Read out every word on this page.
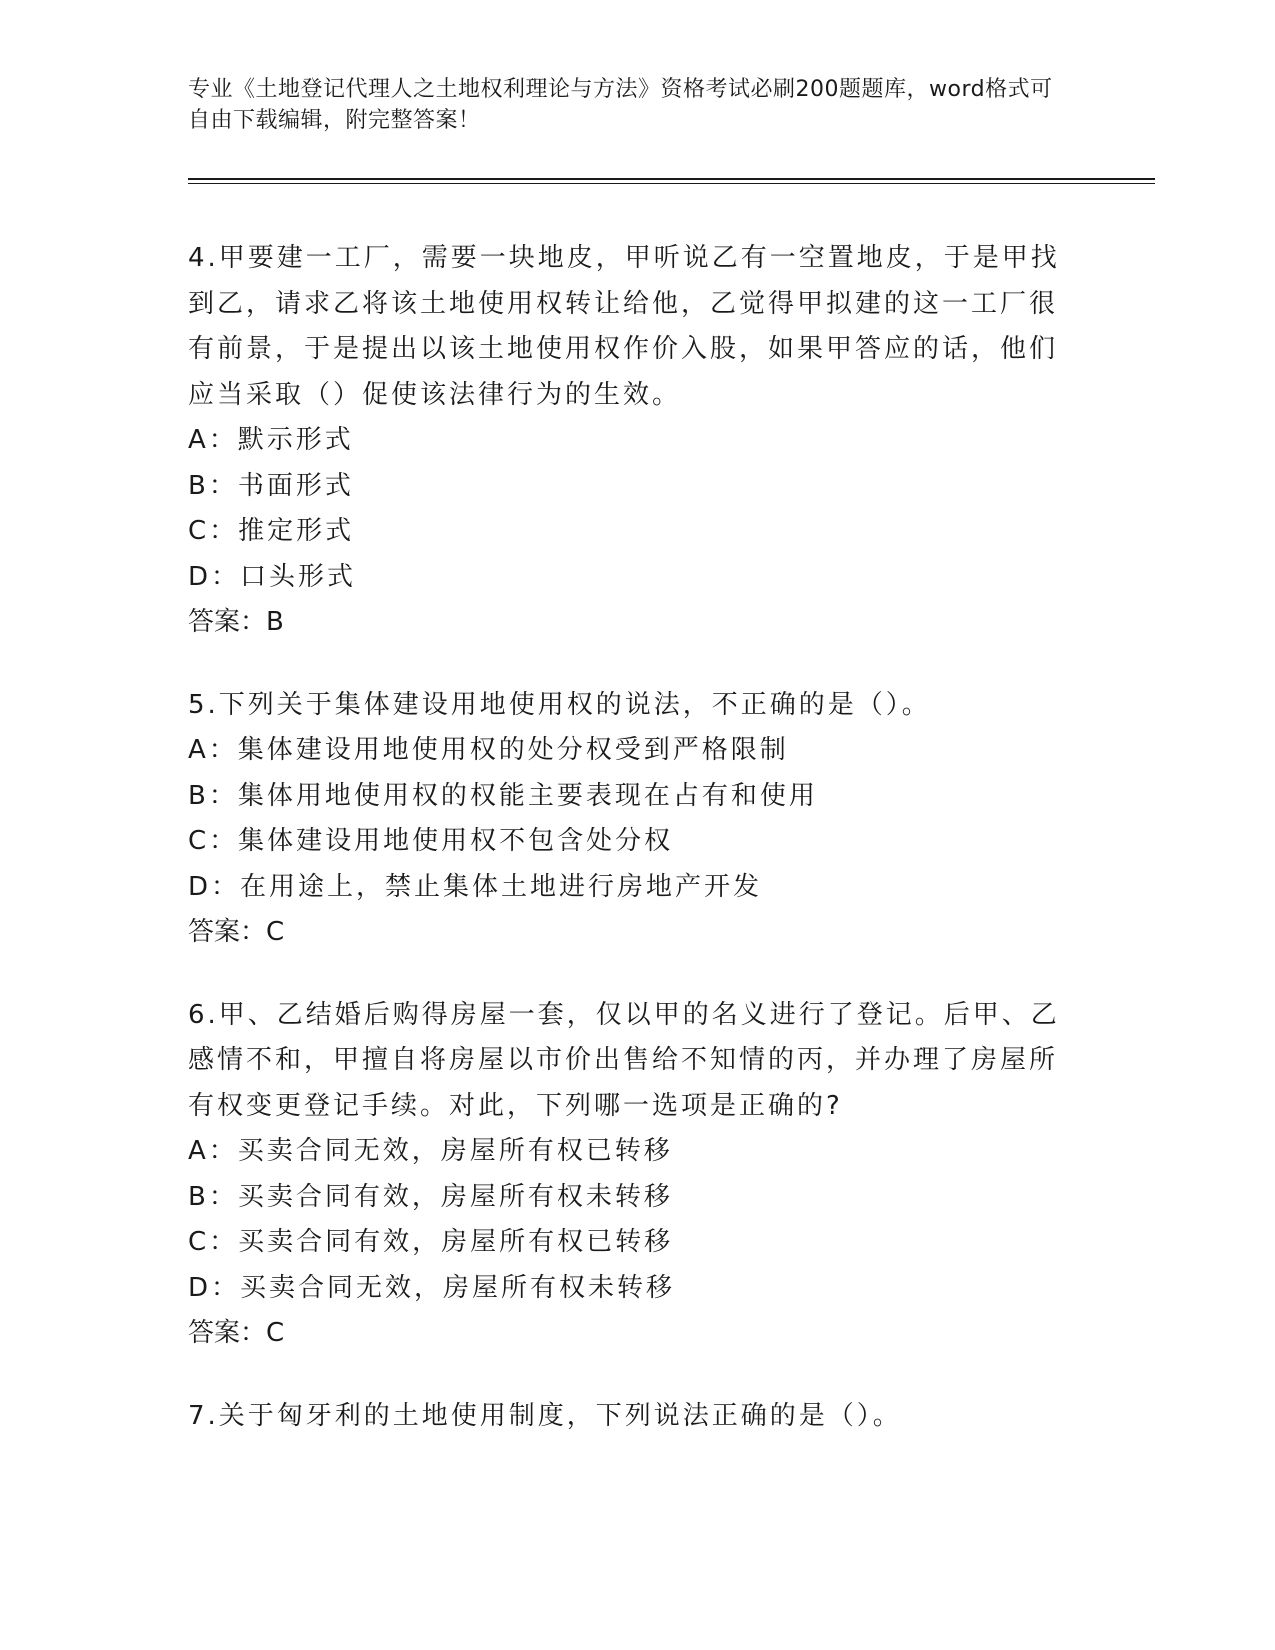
专业《土地登记代理人之土地权利理论与方法》资格考试必刷200题题库，word格式可自由下载编辑，附完整答案！

4.甲要建一工厂，需要一块地皮，甲听说乙有一空置地皮，于是甲找到乙，请求乙将该土地使用权转让给他，乙觉得甲拟建的这一工厂很有前景，于是提出以该土地使用权作价入股，如果甲答应的话，他们应当采取（）促使该法律行为的生效。

A：默示形式

B：书面形式

C：推定形式

D：口头形式

答案：B

5.下列关于集体建设用地使用权的说法，不正确的是（）。

A：集体建设用地使用权的处分权受到严格限制

B：集体用地使用权的权能主要表现在占有和使用

C：集体建设用地使用权不包含处分权

D：在用途上，禁止集体土地进行房地产开发

答案：C

6.甲、乙结婚后购得房屋一套，仅以甲的名义进行了登记。后甲、乙感情不和，甲擅自将房屋以市价出售给不知情的丙，并办理了房屋所有权变更登记手续。对此，下列哪一选项是正确的?

A：买卖合同无效，房屋所有权已转移

B：买卖合同有效，房屋所有权未转移

C：买卖合同有效，房屋所有权已转移

D：买卖合同无效，房屋所有权未转移

答案：C

7.关于匈牙利的土地使用制度，下列说法正确的是（）。
